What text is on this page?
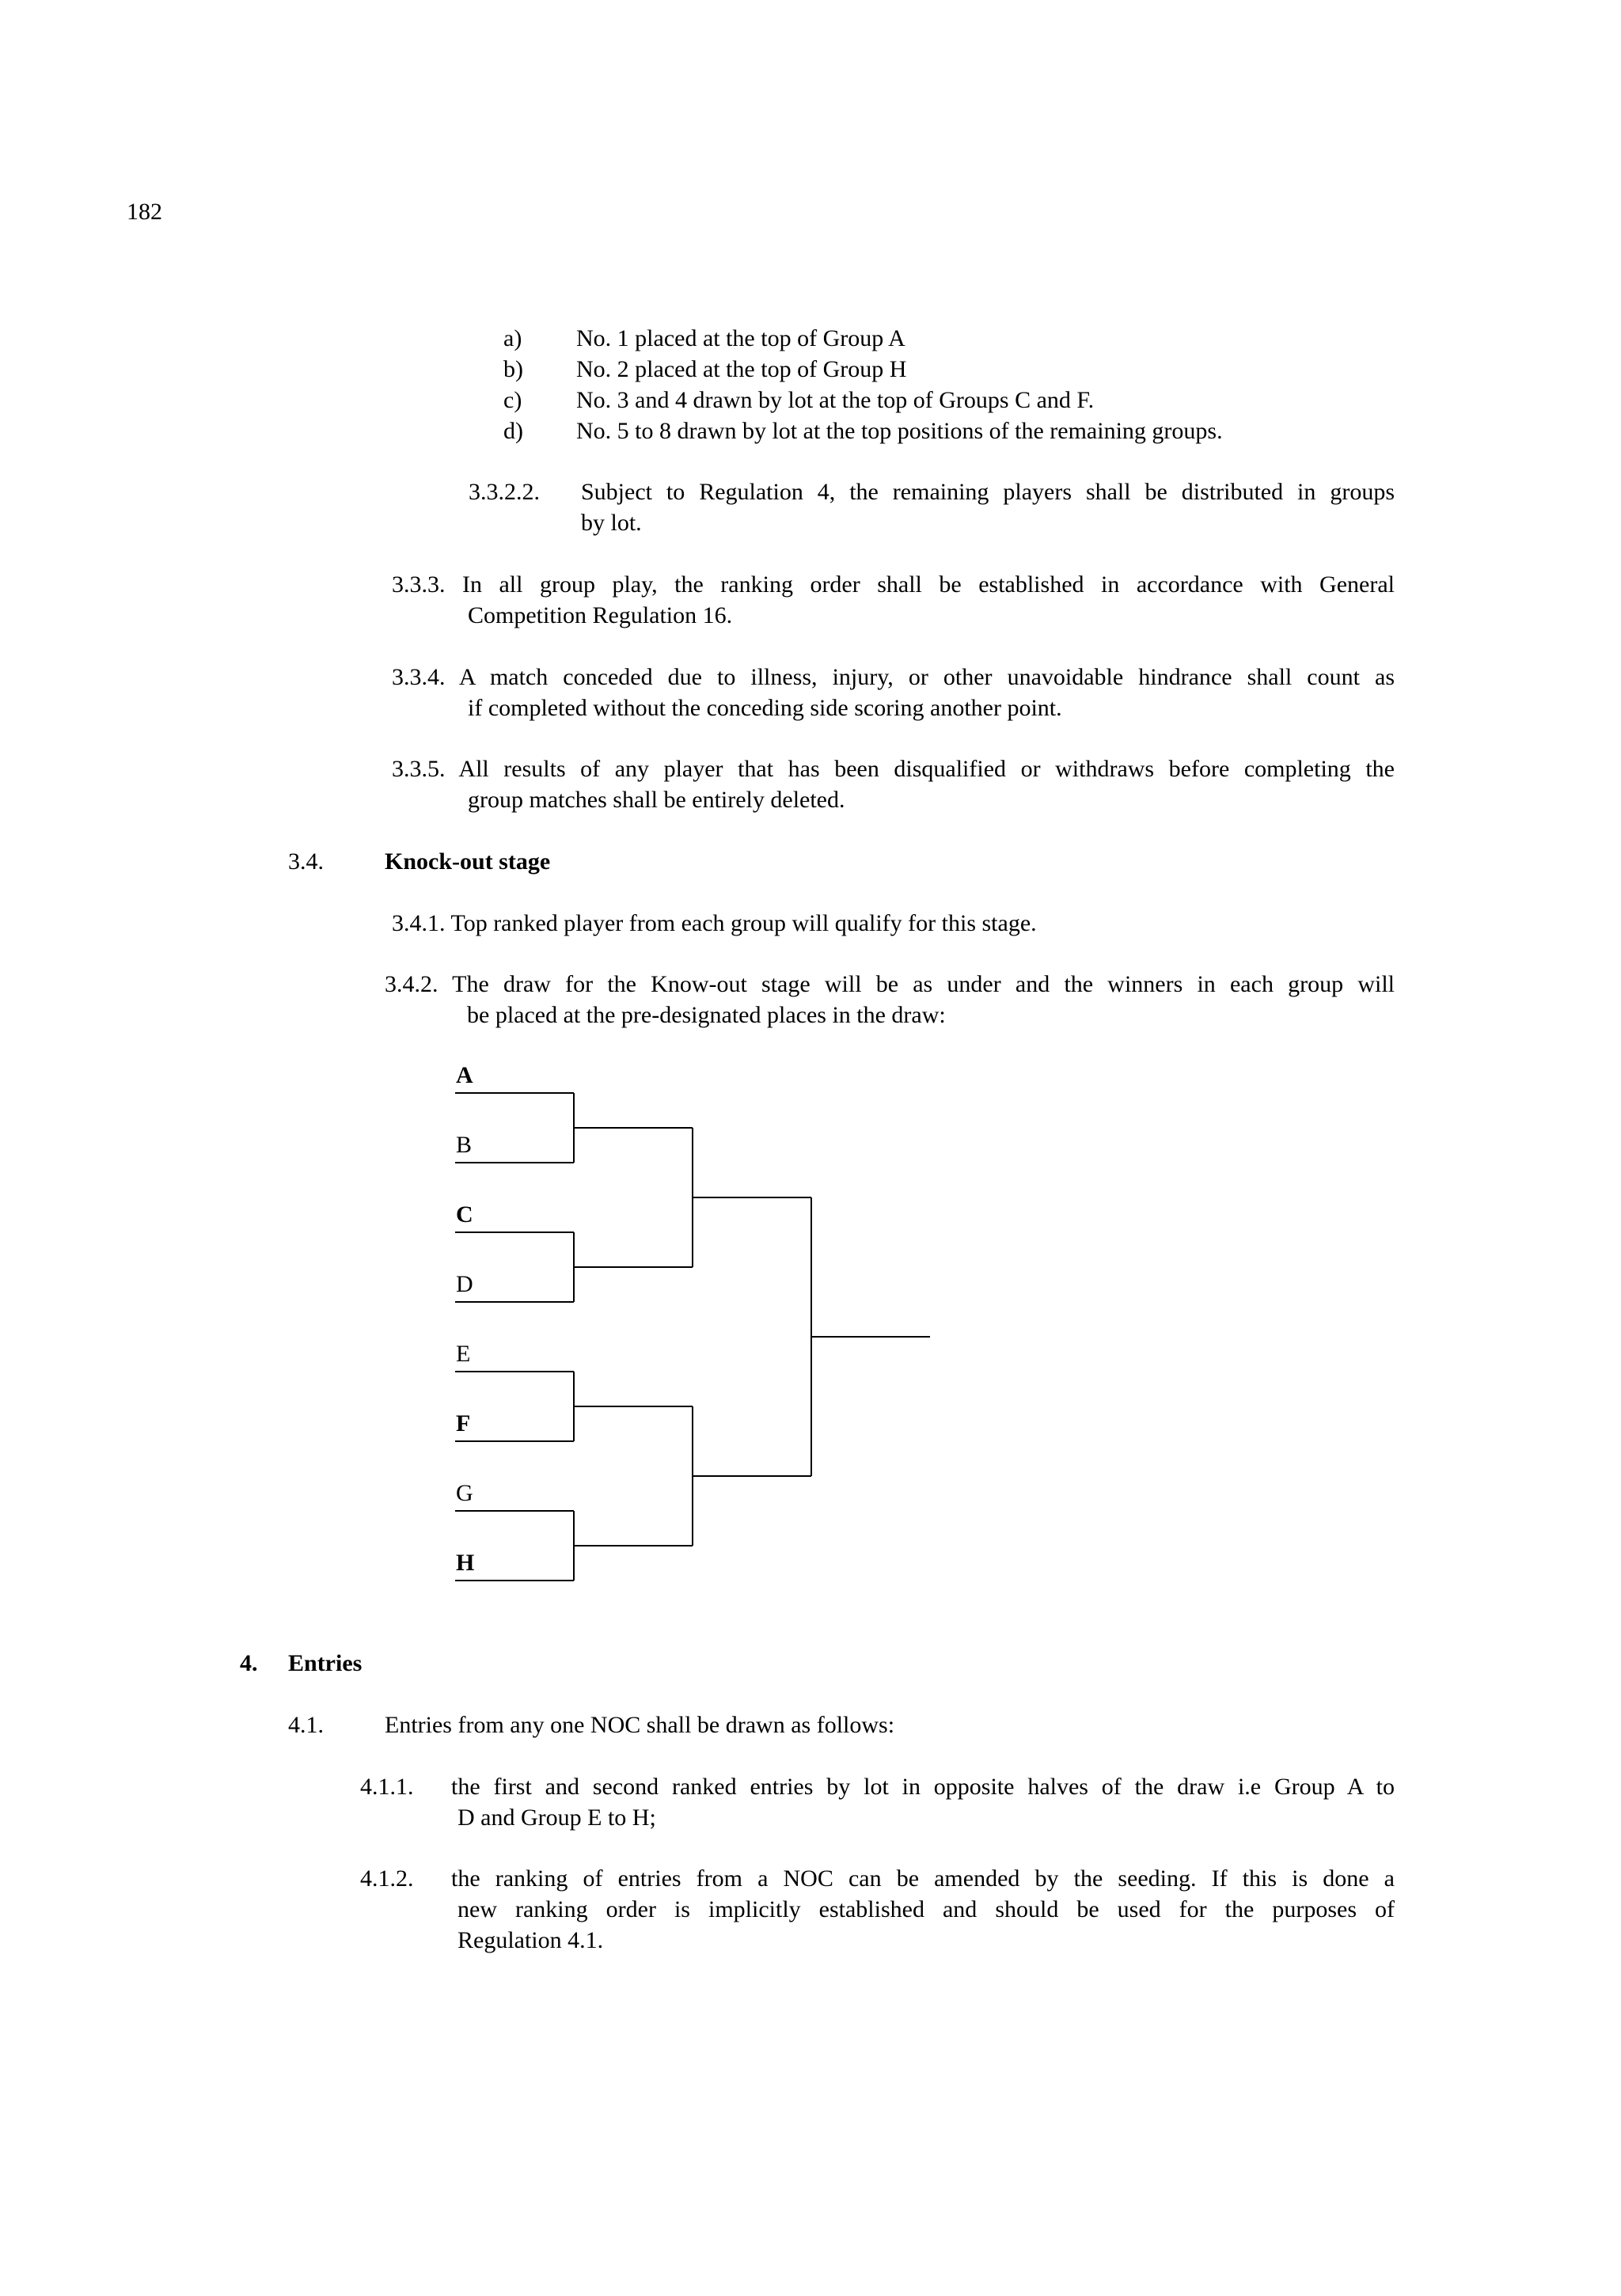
182
a) No. 1 placed at the top of Group A
b) No. 2 placed at the top of Group H
c) No. 3 and 4 drawn by lot at the top of Groups C and F.
d) No. 5 to 8 drawn by lot at the top positions of the remaining groups.
3.3.2.2. Subject to Regulation 4, the remaining players shall be distributed in groups
by lot.
3.3.3. In all group play, the ranking order shall be established in accordance with General
Competition Regulation 16.
3.3.4. A match conceded due to illness, injury, or other unavoidable hindrance shall count as
if completed without the conceding side scoring another point.
3.3.5. All results of any player that has been disqualified or withdraws before completing the
group matches shall be entirely deleted.
3.4.	Knock-out stage
3.4.1. Top ranked player from each group will qualify for this stage.
3.4.2. The draw for the Know-out stage will be as under and the winners in each group will
be placed at the pre-designated places in the draw:
A
B
C
D
E
F
G
H
4. Entries
4.1.	Entries from any one NOC shall be drawn as follows:
4.1.1. the first and second ranked entries by lot in opposite halves of the draw i.e Group A to
D and Group E to H;
4.1.2. the ranking of entries from a NOC can be amended by the seeding. If this is done a
new ranking order is implicitly established and should be used for the purposes of
Regulation 4.1.
